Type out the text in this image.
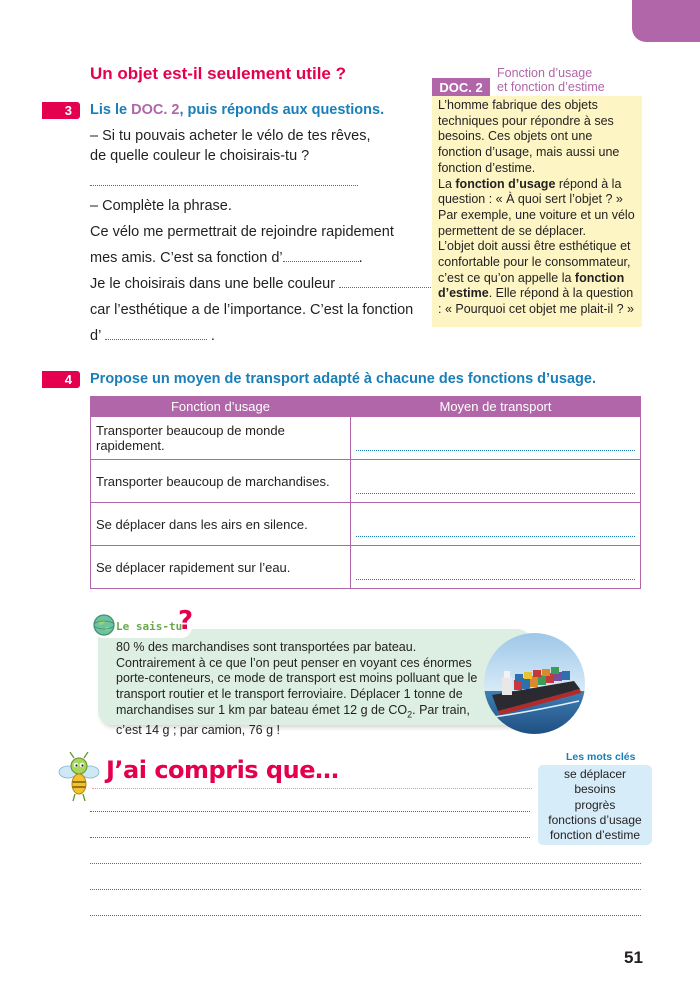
Un objet est-il seulement utile ?
3	Lis le DOC. 2, puis réponds aux questions.
– Si tu pouvais acheter le vélo de tes rêves,
de quelle couleur le choisirais-tu ?
– Complète la phrase.
Ce vélo me permettrait de rejoindre rapidement
mes amis. C’est sa fonction d’	.
Je le choisirais dans une belle couleur
car l’esthétique a de l’importance. C’est la fonction
d’	.
DOC. 2
Fonction d’usage
et fonction d’estime
L’homme fabrique des objets techniques pour répondre à ses besoins. Ces objets ont une fonction d’usage, mais aussi une fonction d’estime.
La fonction d’usage répond à la question : « À quoi sert l’objet ? » Par exemple, une voiture et un vélo permettent de se déplacer.
L’objet doit aussi être esthétique et confortable pour le consommateur, c’est ce qu’on appelle la fonction d’estime. Elle répond à la question : « Pourquoi cet objet me plait-il ? »
4	Propose un moyen de transport adapté à chacune des fonctions d’usage.
Fonction d’usage	Moyen de transport
Transporter beaucoup de monde rapidement.	

Transporter beaucoup de marchandises.	

Se déplacer dans les airs en silence.	

Se déplacer rapidement sur l’eau.	
Le sais-tu
?
80 % des marchandises sont transportées par bateau. Contrairement à ce que l’on peut penser en voyant ces énormes porte-conteneurs, ce mode de transport est moins polluant que le transport routier et le transport ferroviaire. Déplacer 1 tonne de marchandises sur 1 km par bateau émet 12 g de $CO_2$. Par train, c’est 14 g ; par camion, 76 g !
J’ai compris que…	Les mots clés
se déplacer
besoins
progrès
fonctions d’usage
fonction d’estime
51
